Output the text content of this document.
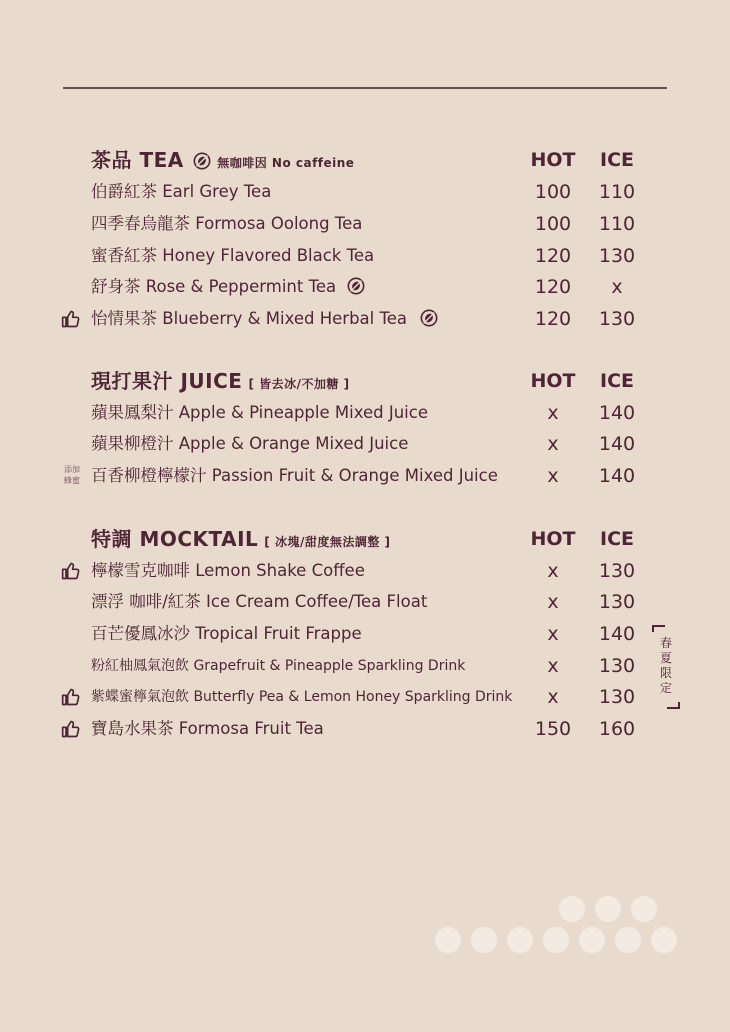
茶品 TEA	無咖啡因 No caffeine	HOT	ICE
伯爵紅茶 Earl Grey Tea	100	110
四季春烏龍茶 Formosa Oolong Tea	100	110
蜜香紅茶 Honey Flavored Black Tea	120	130
舒身茶 Rose & Peppermint Tea	120	x
怡情果茶 Blueberry & Mixed Herbal Tea	120	130
現打果汁 JUICE [ 皆去冰/不加糖 ]	HOT	ICE
蘋果鳳梨汁 Apple & Pineapple Mixed Juice	x	140
蘋果柳橙汁 Apple & Orange Mixed Juice	x	140
添加 蜂蜜 百香柳橙檸檬汁 Passion Fruit & Orange Mixed Juice	x	140
特調 MOCKTAIL [ 冰塊/甜度無法調整 ]	HOT	ICE
檸檬雪克咖啡 Lemon Shake Coffee	x	130
漂浮 咖啡/紅茶 Ice Cream Coffee/Tea Float	x	130
百芒優鳳冰沙 Tropical Fruit Frappe	x	140
粉紅柚鳳氣泡飲 Grapefruit & Pineapple Sparkling Drink	x	130
紫蝶蜜檸氣泡飲 Butterfly Pea & Lemon Honey Sparkling Drink	x	130
寶島水果茶 Formosa Fruit Tea	150	160
春夏限定
